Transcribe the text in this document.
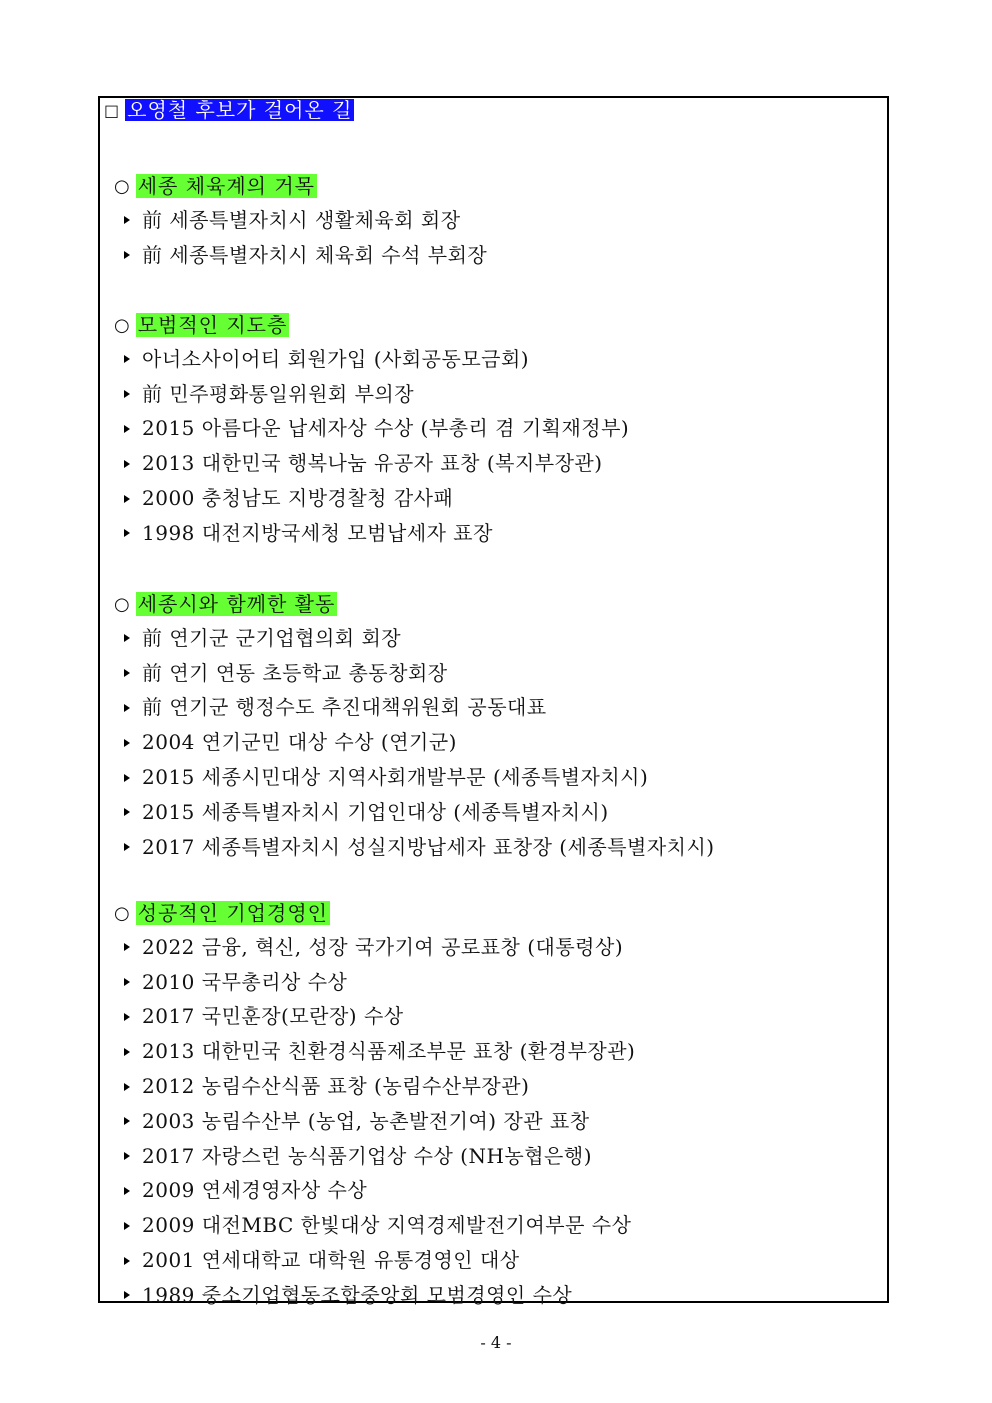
□ 오영철 후보가 걸어온 길
○ 세종 체육계의 거목
前 세종특별자치시 생활체육회 회장
前 세종특별자치시 체육회 수석 부회장
○ 모범적인 지도층
아너소사이어티 회원가입 (사회공동모금회)
前 민주평화통일위원회 부의장
2015 아름다운 납세자상 수상 (부총리 겸 기획재정부)
2013 대한민국 행복나눔 유공자 표창 (복지부장관)
2000 충청남도 지방경찰청 감사패
1998 대전지방국세청 모범납세자 표장
○ 세종시와 함께한 활동
前 연기군 군기업협의회 회장
前 연기 연동 초등학교 총동창회장
前 연기군 행정수도 추진대책위원회 공동대표
2004 연기군민 대상 수상 (연기군)
2015 세종시민대상 지역사회개발부문 (세종특별자치시)
2015 세종특별자치시 기업인대상 (세종특별자치시)
2017 세종특별자치시 성실지방납세자 표창장 (세종특별자치시)
○ 성공적인 기업경영인
2022 금융, 혁신, 성장 국가기여 공로표창 (대통령상)
2010 국무총리상 수상
2017 국민훈장(모란장) 수상
2013 대한민국 친환경식품제조부문 표창 (환경부장관)
2012 농림수산식품 표창 (농림수산부장관)
2003 농림수산부 (농업, 농촌발전기여) 장관 표창
2017 자랑스런 농식품기업상 수상 (NH농협은행)
2009 연세경영자상 수상
2009 대전MBC 한빛대상 지역경제발전기여부문 수상
2001 연세대학교 대학원 유통경영인 대상
1989 중소기업협동조합중앙회 모범경영인 수상
- 4 -
